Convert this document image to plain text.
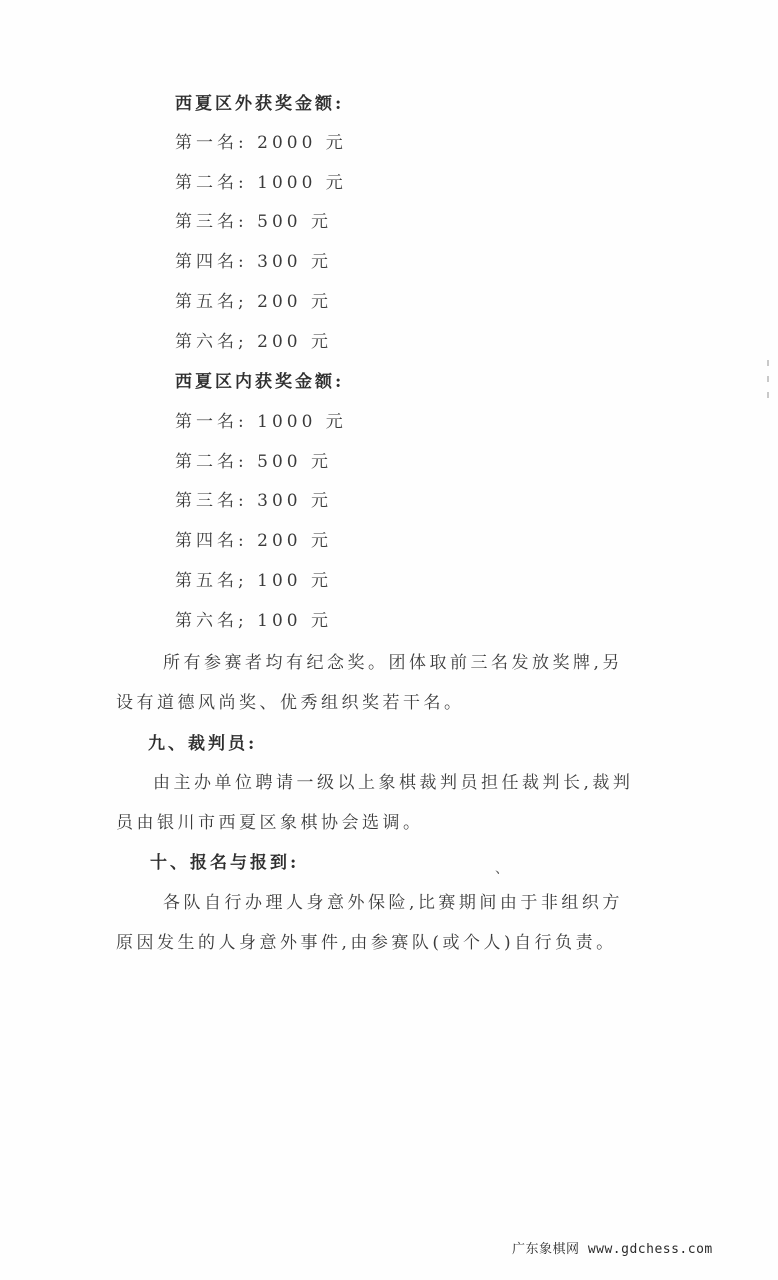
西夏区外获奖金额:
第一名: 2000 元
第二名: 1000 元
第三名: 500 元
第四名: 300 元
第五名; 200 元
第六名; 200 元
西夏区内获奖金额:
第一名: 1000 元
第二名: 500 元
第三名: 300 元
第四名: 200 元
第五名; 100 元
第六名; 100 元
所有参赛者均有纪念奖。团体取前三名发放奖牌,另
设有道德风尚奖、优秀组织奖若干名。
九、裁判员:
由主办单位聘请一级以上象棋裁判员担任裁判长,裁判
员由银川市西夏区象棋协会选调。
十、报名与报到:	、
各队自行办理人身意外保险,比赛期间由于非组织方
原因发生的人身意外事件,由参赛队(或个人)自行负责。
广东象棋网 www.gdchess.com
